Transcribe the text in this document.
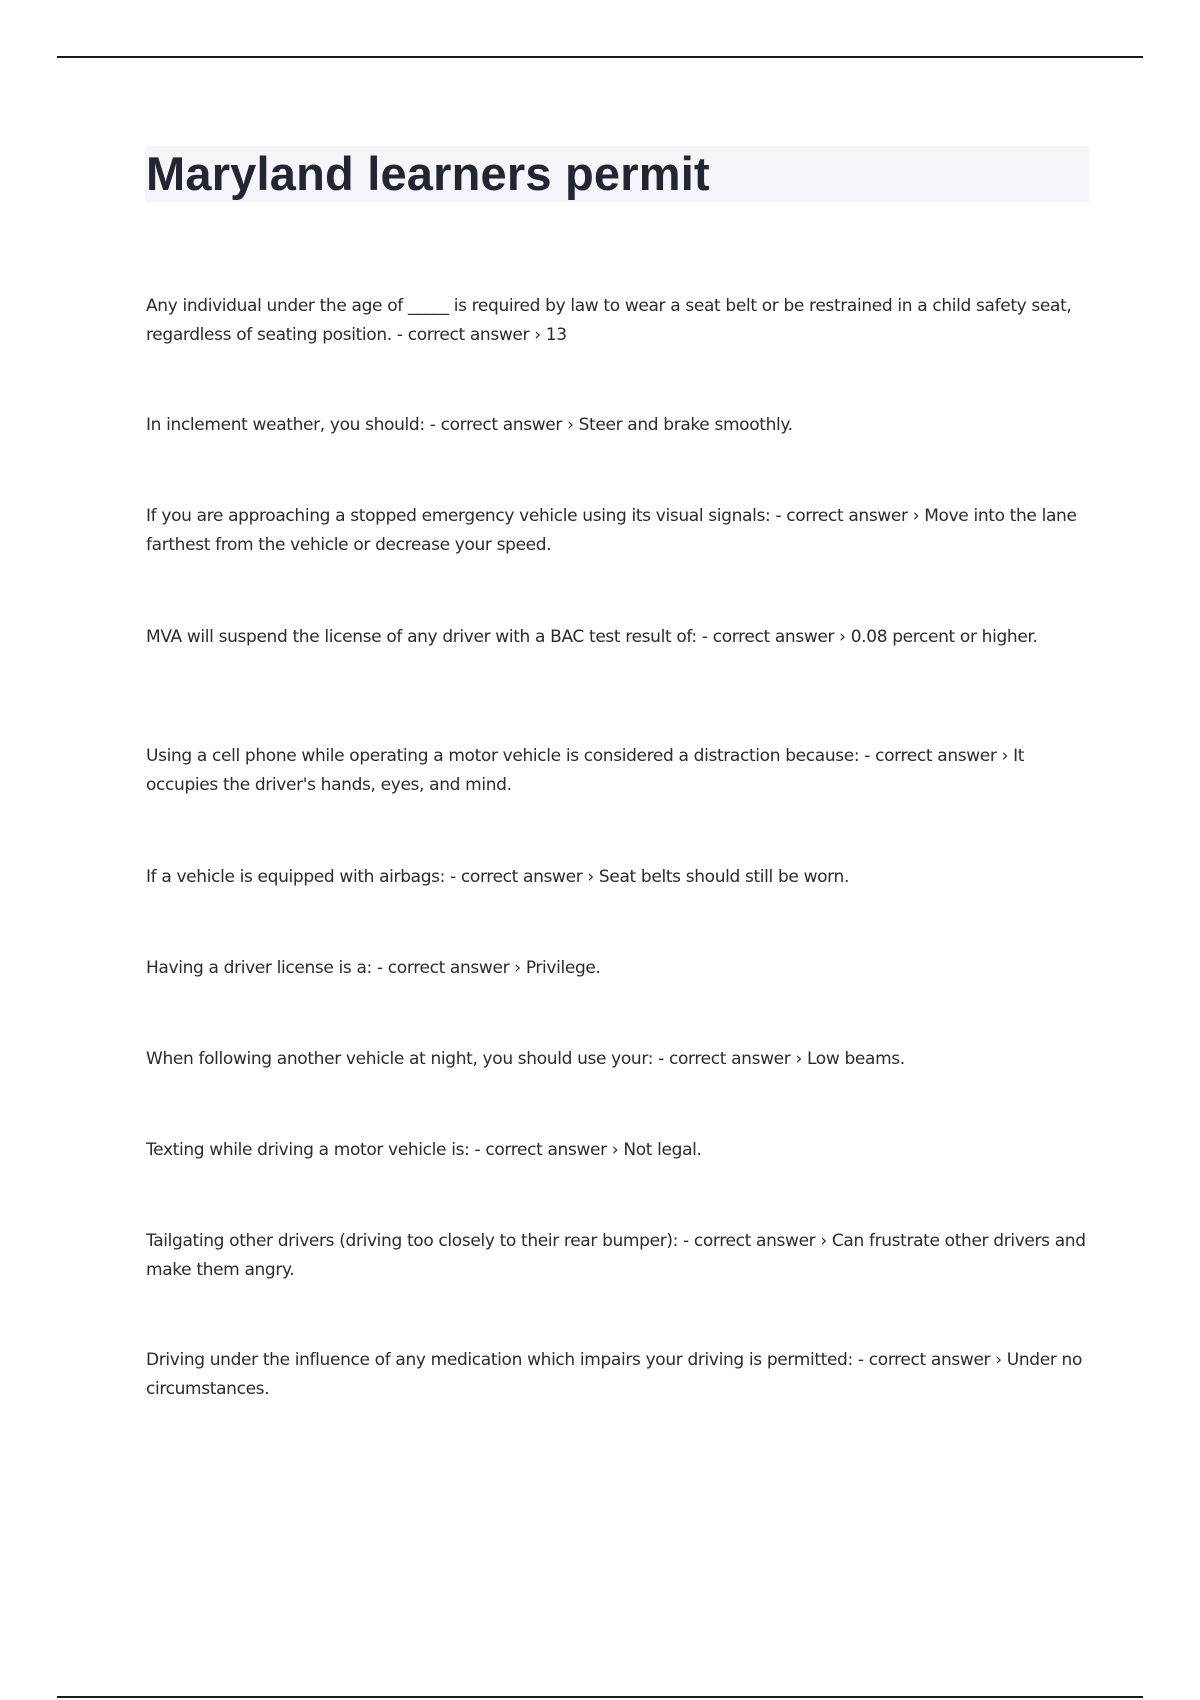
Maryland learners permit
Any individual under the age of _____ is required by law to wear a seat belt or be restrained in a child safety seat, regardless of seating position. - correct answer › 13
In inclement weather, you should: - correct answer › Steer and brake smoothly.
If you are approaching a stopped emergency vehicle using its visual signals: - correct answer › Move into the lane farthest from the vehicle or decrease your speed.
MVA will suspend the license of any driver with a BAC test result of: - correct answer › 0.08 percent or higher.
Using a cell phone while operating a motor vehicle is considered a distraction because: - correct answer › It occupies the driver's hands, eyes, and mind.
If a vehicle is equipped with airbags: - correct answer › Seat belts should still be worn.
Having a driver license is a: - correct answer › Privilege.
When following another vehicle at night, you should use your: - correct answer › Low beams.
Texting while driving a motor vehicle is: - correct answer › Not legal.
Tailgating other drivers (driving too closely to their rear bumper): - correct answer › Can frustrate other drivers and make them angry.
Driving under the influence of any medication which impairs your driving is permitted: - correct answer › Under no circumstances.
